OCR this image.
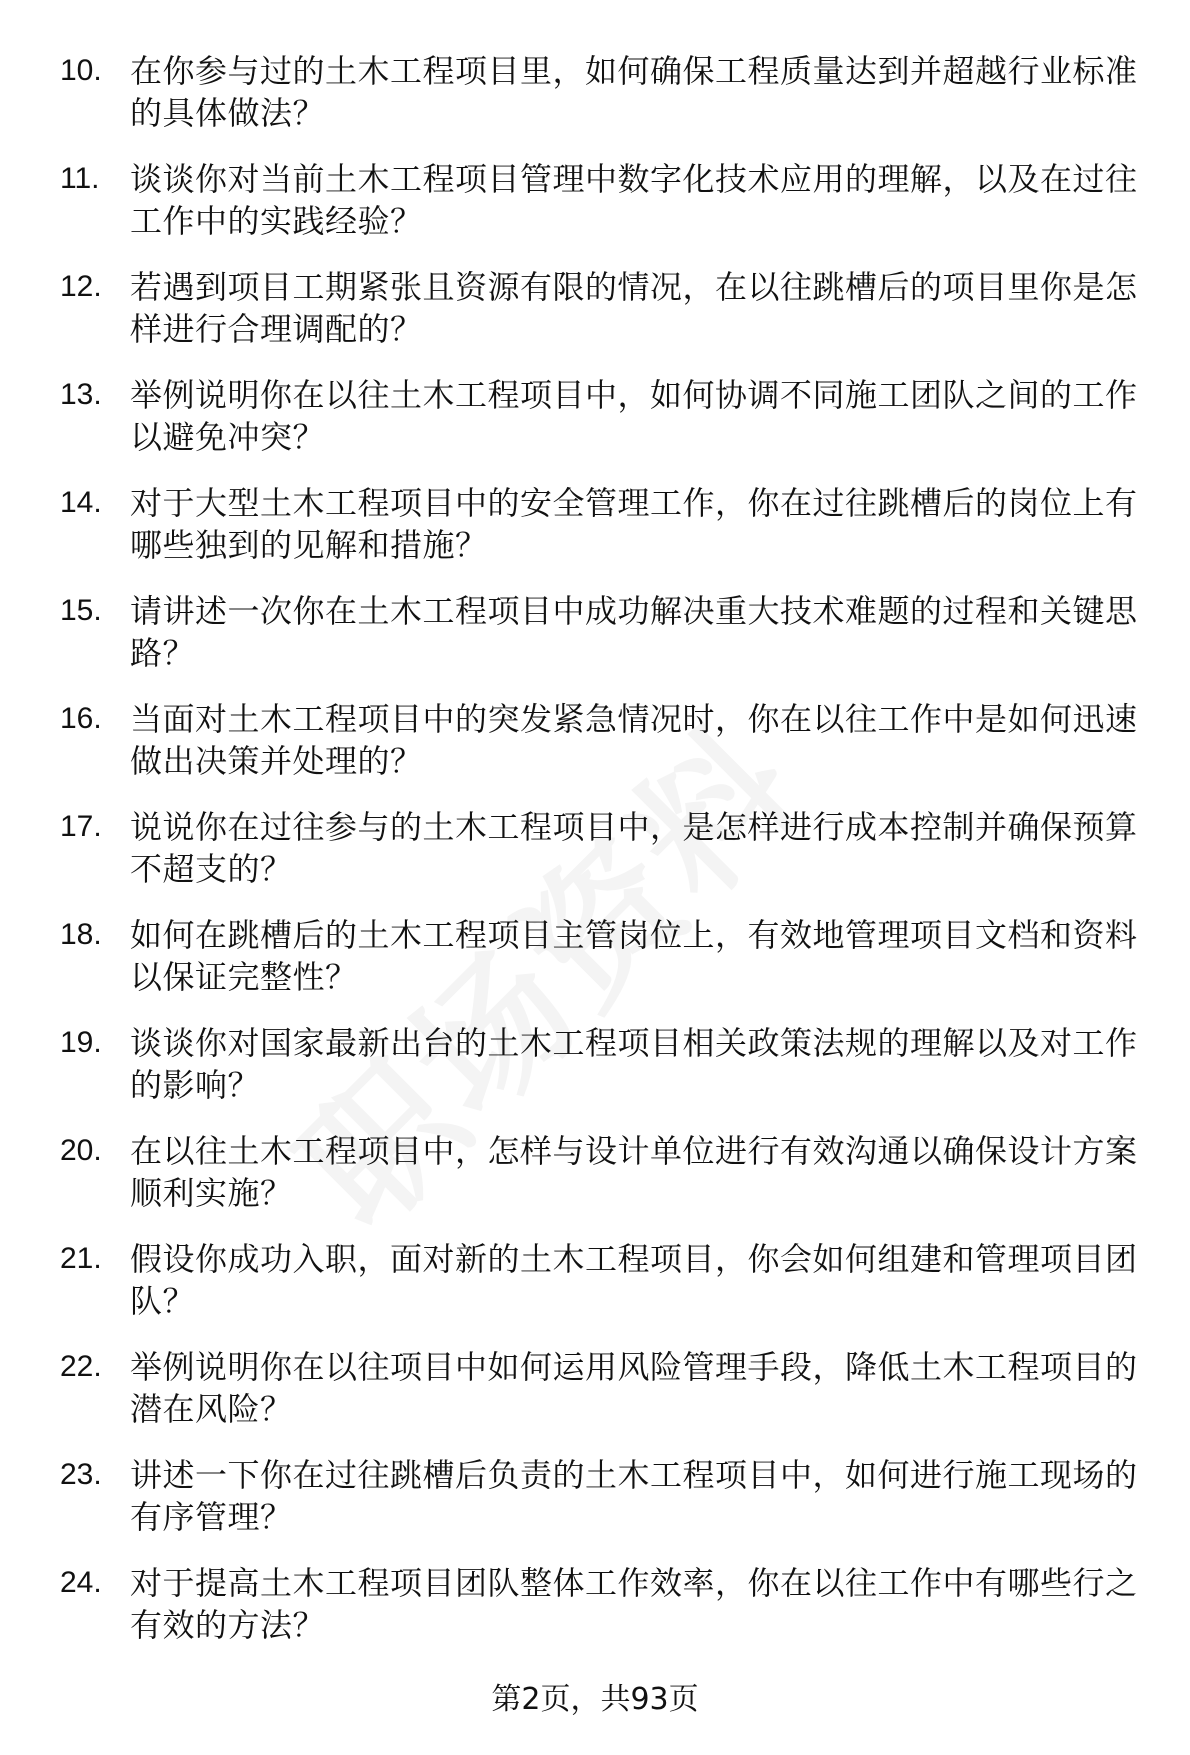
10. 在你参与过的土木工程项目里，如何确保工程质量达到并超越行业标准的具体做法？
11. 谈谈你对当前土木工程项目管理中数字化技术应用的理解，以及在过往工作中的实践经验？
12. 若遇到项目工期紧张且资源有限的情况，在以往跳槽后的项目里你是怎样进行合理调配的？
13. 举例说明你在以往土木工程项目中，如何协调不同施工团队之间的工作以避免冲突？
14. 对于大型土木工程项目中的安全管理工作，你在过往跳槽后的岗位上有哪些独到的见解和措施？
15. 请讲述一次你在土木工程项目中成功解决重大技术难题的过程和关键思路？
16. 当面对土木工程项目中的突发紧急情况时，你在以往工作中是如何迅速做出决策并处理的？
17. 说说你在过往参与的土木工程项目中，是怎样进行成本控制并确保预算不超支的？
18. 如何在跳槽后的土木工程项目主管岗位上，有效地管理项目文档和资料以保证完整性？
19. 谈谈你对国家最新出台的土木工程项目相关政策法规的理解以及对工作的影响？
20. 在以往土木工程项目中，怎样与设计单位进行有效沟通以确保设计方案顺利实施？
21. 假设你成功入职，面对新的土木工程项目，你会如何组建和管理项目团队？
22. 举例说明你在以往项目中如何运用风险管理手段，降低土木工程项目的潜在风险？
23. 讲述一下你在过往跳槽后负责的土木工程项目中，如何进行施工现场的有序管理？
24. 对于提高土木工程项目团队整体工作效率，你在以往工作中有哪些行之有效的方法？
第2页，共93页
